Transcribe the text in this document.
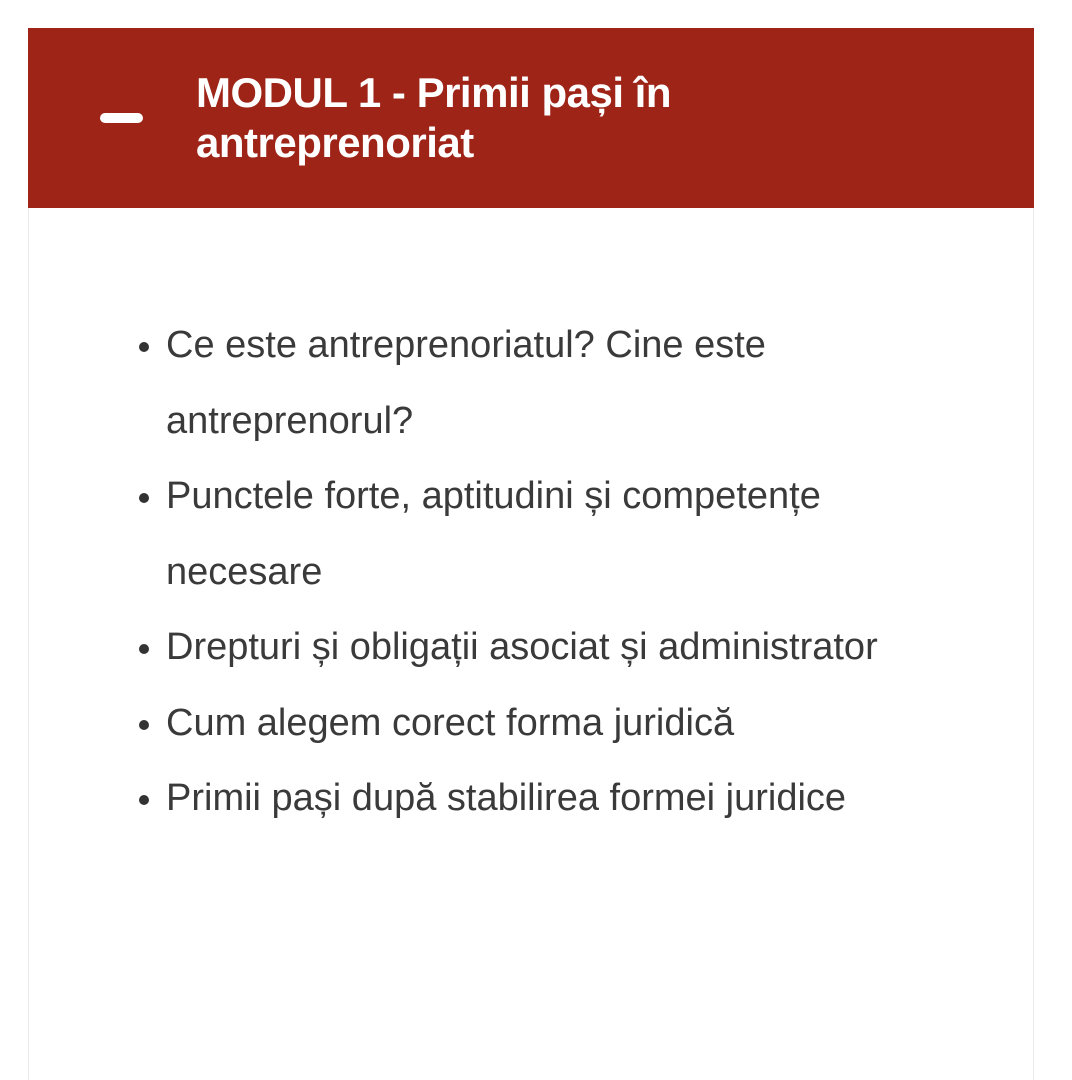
MODUL 1 - Primii pași în antreprenoriat
• Ce este antreprenoriatul? Cine este antreprenorul?
• Punctele forte, aptitudini și competențe necesare
• Drepturi și obligații asociat și administrator
• Cum alegem corect forma juridică
• Primii pași după stabilirea formei juridice
